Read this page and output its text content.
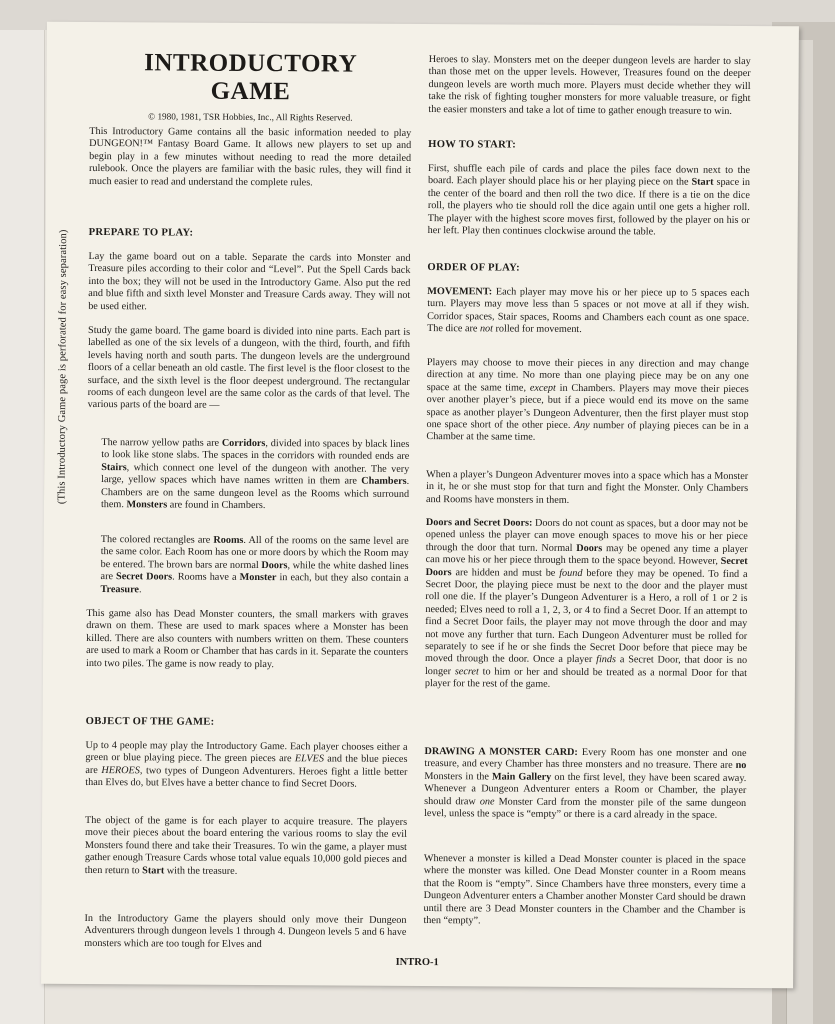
(This Introductory Game page is perforated for easy separation)
INTRODUCTORY
GAME

© 1980, 1981, TSR Hobbies, Inc., All Rights Reserved.

This Introductory Game contains all the basic information needed to play DUNGEON!™ Fantasy Board Game. It allows new players to set up and begin play in a few minutes without needing to read the more detailed rulebook. Once the players are familiar with the basic rules, they will find it much easier to read and understand the complete rules.

PREPARE TO PLAY:

Lay the game board out on a table. Separate the cards into Monster and Treasure piles according to their color and “Level”. Put the Spell Cards back into the box; they will not be used in the Introductory Game. Also put the red and blue fifth and sixth level Monster and Treasure Cards away. They will not be used either.

Study the game board. The game board is divided into nine parts. Each part is labelled as one of the six levels of a dungeon, with the third, fourth, and fifth levels having north and south parts. The dungeon levels are the underground floors of a cellar beneath an old castle. The first level is the floor closest to the surface, and the sixth level is the floor deepest underground. The rectangular rooms of each dungeon level are the same color as the cards of that level. The various parts of the board are —

The narrow yellow paths are Corridors, divided into spaces by black lines to look like stone slabs. The spaces in the corridors with rounded ends are Stairs, which connect one level of the dungeon with another. The very large, yellow spaces which have names written in them are Chambers. Chambers are on the same dungeon level as the Rooms which surround them. Monsters are found in Chambers.

The colored rectangles are Rooms. All of the rooms on the same level are the same color. Each Room has one or more doors by which the Room may be entered. The brown bars are normal Doors, while the white dashed lines are Secret Doors. Rooms have a Monster in each, but they also contain a Treasure.

This game also has Dead Monster counters, the small markers with graves drawn on them. These are used to mark spaces where a Monster has been killed. There are also counters with numbers written on them. These counters are used to mark a Room or Chamber that has cards in it. Separate the counters into two piles. The game is now ready to play.

OBJECT OF THE GAME:

Up to 4 people may play the Introductory Game. Each player chooses either a green or blue playing piece. The green pieces are ELVES and the blue pieces are HEROES, two types of Dungeon Adventurers. Heroes fight a little better than Elves do, but Elves have a better chance to find Secret Doors.

The object of the game is for each player to acquire treasure. The players move their pieces about the board entering the various rooms to slay the evil Monsters found there and take their Treasures. To win the game, a player must gather enough Treasure Cards whose total value equals 10,000 gold pieces and then return to Start with the treasure.

In the Introductory Game the players should only move their Dungeon Adventurers through dungeon levels 1 through 4. Dungeon levels 5 and 6 have monsters which are too tough for Elves and

Heroes to slay. Monsters met on the deeper dungeon levels are harder to slay than those met on the upper levels. However, Treasures found on the deeper dungeon levels are worth much more. Players must decide whether they will take the risk of fighting tougher monsters for more valuable treasure, or fight the easier monsters and take a lot of time to gather enough treasure to win.

HOW TO START:

First, shuffle each pile of cards and place the piles face down next to the board. Each player should place his or her playing piece on the Start space in the center of the board and then roll the two dice. If there is a tie on the dice roll, the players who tie should roll the dice again until one gets a higher roll. The player with the highest score moves first, followed by the player on his or her left. Play then continues clockwise around the table.

ORDER OF PLAY:

MOVEMENT: Each player may move his or her piece up to 5 spaces each turn. Players may move less than 5 spaces or not move at all if they wish. Corridor spaces, Stair spaces, Rooms and Chambers each count as one space. The dice are not rolled for movement.

Players may choose to move their pieces in any direction and may change direction at any time. No more than one playing piece may be on any one space at the same time, except in Chambers. Players may move their pieces over another player’s piece, but if a piece would end its move on the same space as another player’s Dungeon Adventurer, then the first player must stop one space short of the other piece. Any number of playing pieces can be in a Chamber at the same time.

When a player’s Dungeon Adventurer moves into a space which has a Monster in it, he or she must stop for that turn and fight the Monster. Only Chambers and Rooms have monsters in them.

Doors and Secret Doors: Doors do not count as spaces, but a door may not be opened unless the player can move enough spaces to move his or her piece through the door that turn. Normal Doors may be opened any time a player can move his or her piece through them to the space beyond. However, Secret Doors are hidden and must be found before they may be opened. To find a Secret Door, the playing piece must be next to the door and the player must roll one die. If the player’s Dungeon Adventurer is a Hero, a roll of 1 or 2 is needed; Elves need to roll a 1, 2, 3, or 4 to find a Secret Door. If an attempt to find a Secret Door fails, the player may not move through the door and may not move any further that turn. Each Dungeon Adventurer must be rolled for separately to see if he or she finds the Secret Door before that piece may be moved through the door. Once a player finds a Secret Door, that door is no longer secret to him or her and should be treated as a normal Door for that player for the rest of the game.

DRAWING A MONSTER CARD: Every Room has one monster and one treasure, and every Chamber has three monsters and no treasure. There are no Monsters in the Main Gallery on the first level, they have been scared away. Whenever a Dungeon Adventurer enters a Room or Chamber, the player should draw one Monster Card from the monster pile of the same dungeon level, unless the space is “empty” or there is a card already in the space.

Whenever a monster is killed a Dead Monster counter is placed in the space where the monster was killed. One Dead Monster counter in a Room means that the Room is “empty”. Since Chambers have three monsters, every time a Dungeon Adventurer enters a Chamber another Monster Card should be drawn until there are 3 Dead Monster counters in the Chamber and the Chamber is then “empty”.

INTRO-1
